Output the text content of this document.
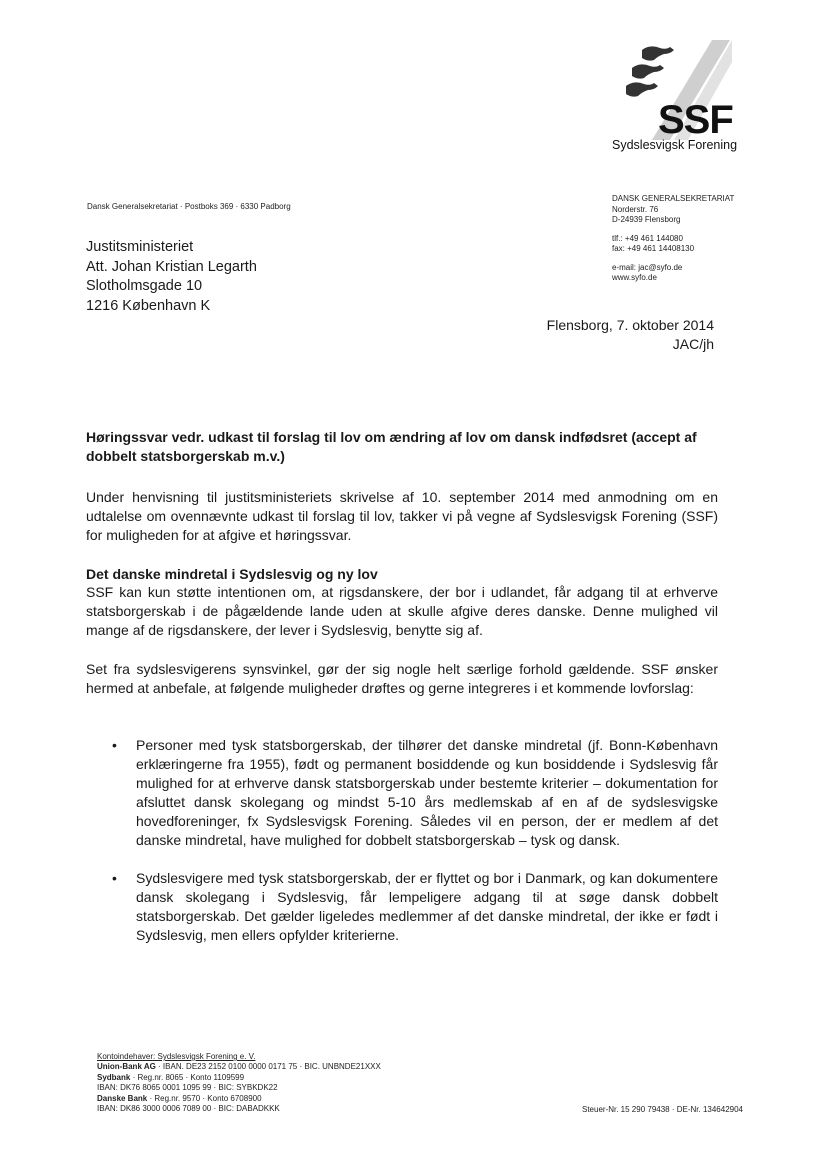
SSF
Sydslesvigsk Forening
Dansk Generalsekretariat · Postboks 369 · 6330 Padborg
Justitsministeriet
Att. Johan Kristian Legarth
Slotholmsgade 10
1216 København K
DANSK GENERALSEKRETARIAT
Norderstr. 76
D-24939 Flensborg
tlf.: +49 461 144080
fax: +49 461 14408130
e-mail: jac@syfo.de
www.syfo.de
Flensborg, 7. oktober 2014
JAC/jh
Høringssvar vedr. udkast til forslag til lov om ændring af lov om dansk indfødsret (accept af dobbelt statsborgerskab m.v.)
Under henvisning til justitsministeriets skrivelse af 10. september 2014 med anmodning om en udtalelse om ovennævnte udkast til forslag til lov, takker vi på vegne af Sydslesvigsk Forening (SSF) for muligheden for at afgive et høringssvar.
Det danske mindretal i Sydslesvig og ny lov
SSF kan kun støtte intentionen om, at rigsdanskere, der bor i udlandet, får adgang til at erhverve statsborgerskab i de pågældende lande uden at skulle afgive deres danske. Denne mulighed vil mange af de rigsdanskere, der lever i Sydslesvig, benytte sig af.
Set fra sydslesvigerens synsvinkel, gør der sig nogle helt særlige forhold gældende. SSF ønsker hermed at anbefale, at følgende muligheder drøftes og gerne integreres i et kommende lovforslag:
• Personer med tysk statsborgerskab, der tilhører det danske mindretal (jf. Bonn-København erklæringerne fra 1955), født og permanent bosiddende og kun bosiddende i Sydslesvig får mulighed for at erhverve dansk statsborgerskab under bestemte kriterier – dokumentation for afsluttet dansk skolegang og mindst 5-10 års medlemskab af en af de sydslesvigske hovedforeninger, fx Sydslesvigsk Forening. Således vil en person, der er medlem af det danske mindretal, have mulighed for dobbelt statsborgerskab – tysk og dansk.
• Sydslesvigere med tysk statsborgerskab, der er flyttet og bor i Danmark, og kan dokumentere dansk skolegang i Sydslesvig, får lempeligere adgang til at søge dansk dobbelt statsborgerskab. Det gælder ligeledes medlemmer af det danske mindretal, der ikke er født i Sydslesvig, men ellers opfylder kriterierne.
Kontoindehaver: Sydslesvigsk Forening e. V.
Union-Bank AG · IBAN. DE23 2152 0100 0000 0171 75 · BIC. UNBNDE21XXX
Sydbank · Reg.nr. 8065 · Konto 1109599
IBAN: DK76 8065 0001 1095 99 · BIC: SYBKDK22
Danske Bank · Reg.nr. 9570 · Konto 6708900
IBAN: DK86 3000 0006 7089 00 · BIC: DABADKKK	Steuer-Nr. 15 290 79438 · DE-Nr. 134642904
